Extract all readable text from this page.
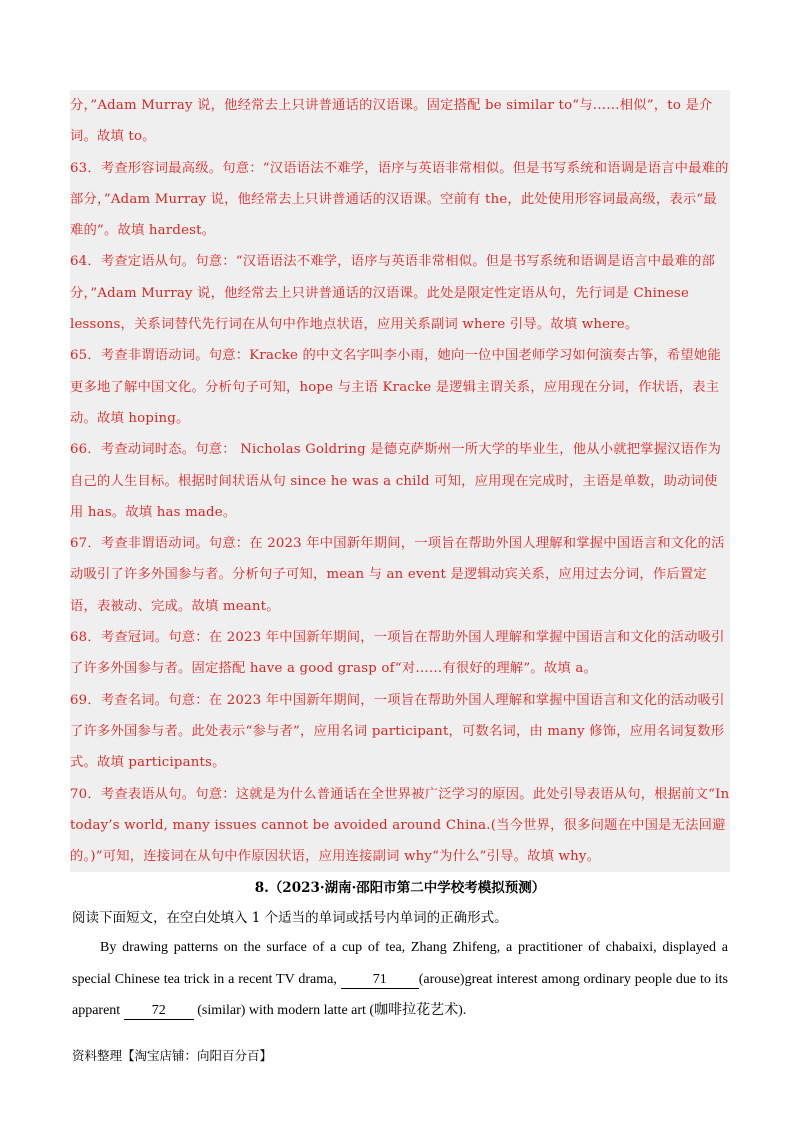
分，”Adam Murray 说，他经常去上只讲普通话的汉语课。固定搭配 be similar to“与……相似”，to 是介词。故填 to。

63．考查形容词最高级。句意：“汉语语法不难学，语序与英语非常相似。但是书写系统和语调是语言中最难的部分，”Adam Murray 说，他经常去上只讲普通话的汉语课。空前有 the，此处使用形容词最高级，表示“最难的”。故填 hardest。

64．考查定语从句。句意：“汉语语法不难学，语序与英语非常相似。但是书写系统和语调是语言中最难的部分，”Adam Murray 说，他经常去上只讲普通话的汉语课。此处是限定性定语从句，先行词是 Chinese lessons，关系词替代先行词在从句中作地点状语，应用关系副词 where 引导。故填 where。

65．考查非谓语动词。句意：Kracke 的中文名字叫李小雨，她向一位中国老师学习如何演奏古筝，希望她能更多地了解中国文化。分析句子可知，hope 与主语 Kracke 是逻辑主谓关系，应用现在分词，作状语，表主动。故填 hoping。

66．考查动词时态。句意： Nicholas Goldring 是德克萨斯州一所大学的毕业生，他从小就把掌握汉语作为自己的人生目标。根据时间状语从句 since he was a child 可知，应用现在完成时，主语是单数，助动词使用 has。故填 has made。

67．考查非谓语动词。句意：在 2023 年中国新年期间，一项旨在帮助外国人理解和掌握中国语言和文化的活动吸引了许多外国参与者。分析句子可知，mean 与 an event 是逻辑动宾关系，应用过去分词，作后置定语，表被动、完成。故填 meant。

68．考查冠词。句意：在 2023 年中国新年期间，一项旨在帮助外国人理解和掌握中国语言和文化的活动吸引了许多外国参与者。固定搭配 have a good grasp of“对……有很好的理解”。故填 a。

69．考查名词。句意：在 2023 年中国新年期间，一项旨在帮助外国人理解和掌握中国语言和文化的活动吸引了许多外国参与者。此处表示“参与者”，应用名词 participant，可数名词，由 many 修饰，应用名词复数形式。故填 participants。

70．考查表语从句。句意：这就是为什么普通话在全世界被广泛学习的原因。此处引导表语从句，根据前文“In today’s world, many issues cannot be avoided around China.(当今世界，很多问题在中国是无法回避的。)”可知，连接词在从句中作原因状语，应用连接副词 why“为什么”引导。故填 why。

8.（2023·湖南·邵阳市第二中学校考模拟预测）
阅读下面短文，在空白处填入 1 个适当的单词或括号内单词的正确形式。
By drawing patterns on the surface of a cup of tea, Zhang Zhifeng, a practitioner of chabaixi, displayed a special Chinese tea trick in a recent TV drama,	71 (arouse)great interest among ordinary people due to its apparent 72 (similar) with modern latte art (咖啡拉花艺术).
资料整理【淘宝店铺：向阳百分百】
